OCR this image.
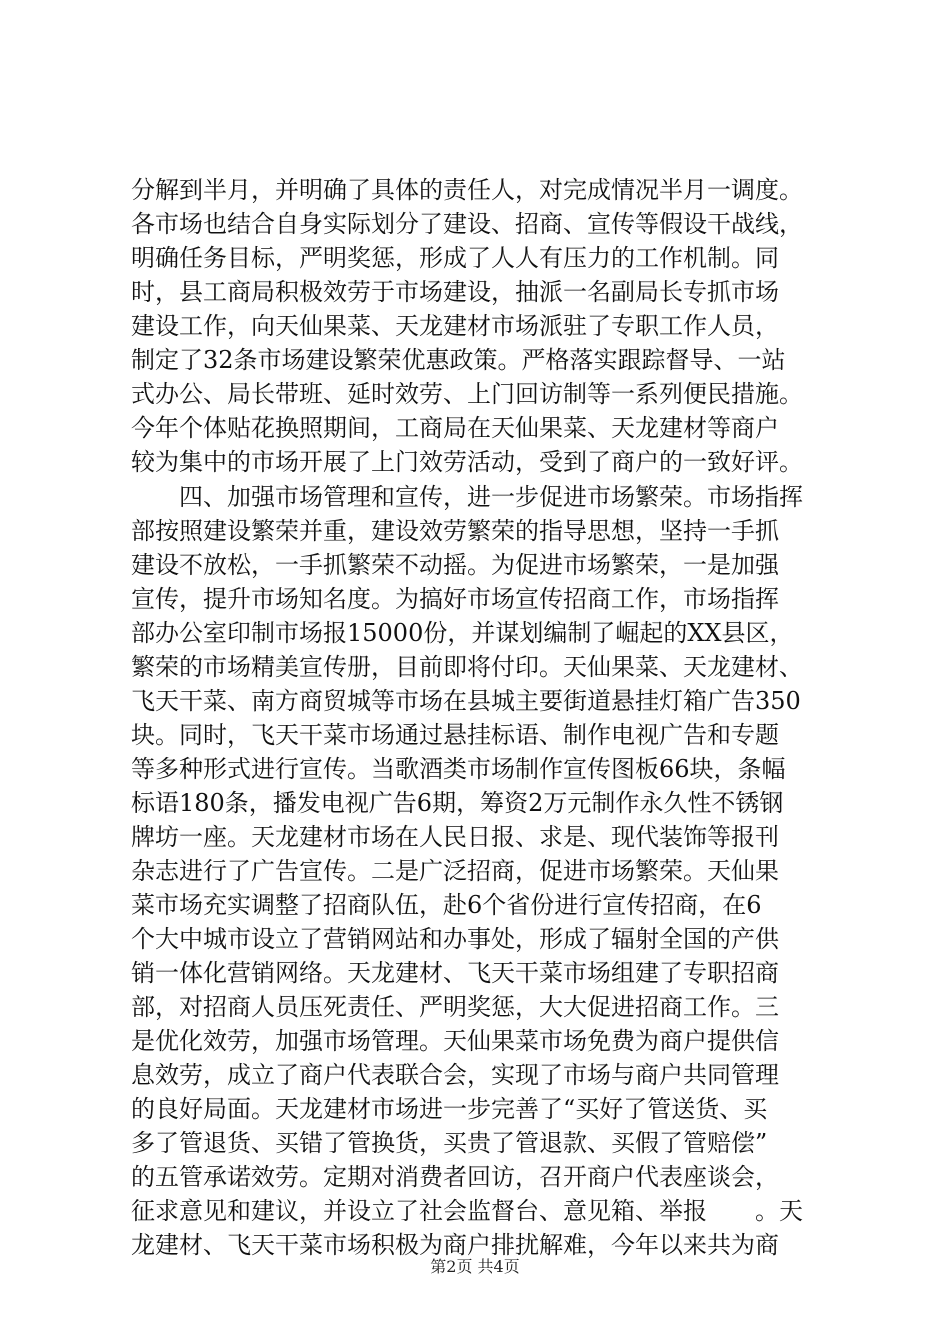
分解到半月，并明确了具体的责任人，对完成情况半月一调度。
各市场也结合自身实际划分了建设、招商、宣传等假设干战线，
明确任务目标，严明奖惩，形成了人人有压力的工作机制。同
时，县工商局积极效劳于市场建设，抽派一名副局长专抓市场
建设工作，向天仙果菜、天龙建材市场派驻了专职工作人员，
制定了32条市场建设繁荣优惠政策。严格落实跟踪督导、一站
式办公、局长带班、延时效劳、上门回访制等一系列便民措施。
今年个体贴花换照期间，工商局在天仙果菜、天龙建材等商户
较为集中的市场开展了上门效劳活动，受到了商户的一致好评。
　　四、加强市场管理和宣传，进一步促进市场繁荣。市场指挥
部按照建设繁荣并重，建设效劳繁荣的指导思想，坚持一手抓
建设不放松，一手抓繁荣不动摇。为促进市场繁荣，一是加强
宣传，提升市场知名度。为搞好市场宣传招商工作，市场指挥
部办公室印制市场报15000份，并谋划编制了崛起的XX县区，
繁荣的市场精美宣传册，目前即将付印。天仙果菜、天龙建材、
飞天干菜、南方商贸城等市场在县城主要街道悬挂灯箱广告350
块。同时，飞天干菜市场通过悬挂标语、制作电视广告和专题
等多种形式进行宣传。当歌酒类市场制作宣传图板66块，条幅
标语180条，播发电视广告6期，筹资2万元制作永久性不锈钢
牌坊一座。天龙建材市场在人民日报、求是、现代装饰等报刊
杂志进行了广告宣传。二是广泛招商，促进市场繁荣。天仙果
菜市场充实调整了招商队伍，赴6个省份进行宣传招商，在6
个大中城市设立了营销网站和办事处，形成了辐射全国的产供
销一体化营销网络。天龙建材、飞天干菜市场组建了专职招商
部，对招商人员压死责任、严明奖惩，大大促进招商工作。三
是优化效劳，加强市场管理。天仙果菜市场免费为商户提供信
息效劳，成立了商户代表联合会，实现了市场与商户共同管理
的良好局面。天龙建材市场进一步完善了“买好了管送货、买
多了管退货、买错了管换货，买贵了管退款、买假了管赔偿”
的五管承诺效劳。定期对消费者回访，召开商户代表座谈会，
征求意见和建议，并设立了社会监督台、意见箱、举报　　。天
龙建材、飞天干菜市场积极为商户排扰解难，今年以来共为商
第2页 共4页
